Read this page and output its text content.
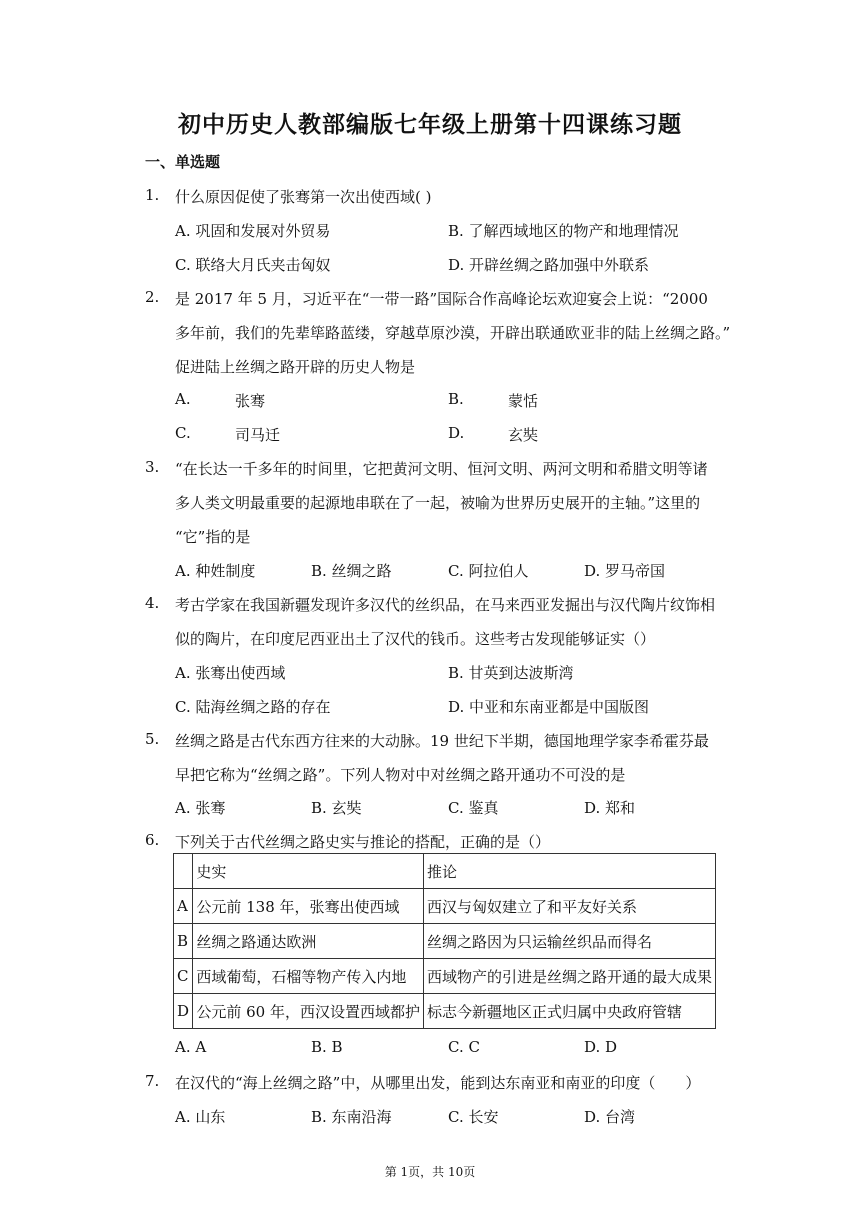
初中历史人教部编版七年级上册第十四课练习题
一、单选题
1. 什么原因促使了张骞第一次出使西域( )
A. 巩固和发展对外贸易	B. 了解西域地区的物产和地理情况
C. 联络大月氏夹击匈奴	D. 开辟丝绸之路加强中外联系
2. 是 2017 年 5 月，习近平在“一带一路”国际合作高峰论坛欢迎宴会上说：“2000
多年前，我们的先辈筚路蓝缕，穿越草原沙漠，开辟出联通欧亚非的陆上丝绸之路。”
促进陆上丝绸之路开辟的历史人物是
A.	张骞	B.	蒙恬
C.	司马迁	D.	玄奘
3. “在长达一千多年的时间里，它把黄河文明、恒河文明、两河文明和希腊文明等诸
多人类文明最重要的起源地串联在了一起，被喻为世界历史展开的主轴。”这里的
“它”指的是
A. 种姓制度	B. 丝绸之路	C. 阿拉伯人	D. 罗马帝国
4. 考古学家在我国新疆发现许多汉代的丝织品，在马来西亚发掘出与汉代陶片纹饰相
似的陶片，在印度尼西亚出土了汉代的钱币。这些考古发现能够证实（）
A. 张骞出使西域	B. 甘英到达波斯湾
C. 陆海丝绸之路的存在	D. 中亚和东南亚都是中国版图
5. 丝绸之路是古代东西方往来的大动脉。19 世纪下半期，德国地理学家李希霍芬最
早把它称为“丝绸之路”。下列人物对中对丝绸之路开通功不可没的是
A. 张骞	B. 玄奘	C. 鉴真	D. 郑和
6. 下列关于古代丝绸之路史实与推论的搭配，正确的是（）
	史实	推论
A	公元前 138 年，张骞出使西域	西汉与匈奴建立了和平友好关系
B	丝绸之路通达欧洲	丝绸之路因为只运输丝织品而得名
C	西域葡萄，石榴等物产传入内地	西域物产的引进是丝绸之路开通的最大成果
D	公元前 60 年，西汉设置西域都护	标志今新疆地区正式归属中央政府管辖
A. A	B. B	C. C	D. D
7. 在汉代的“海上丝绸之路”中，从哪里出发，能到达东南亚和南亚的印度（　　）
A. 山东	B. 东南沿海	C. 长安	D. 台湾
第 1页，共 10页
